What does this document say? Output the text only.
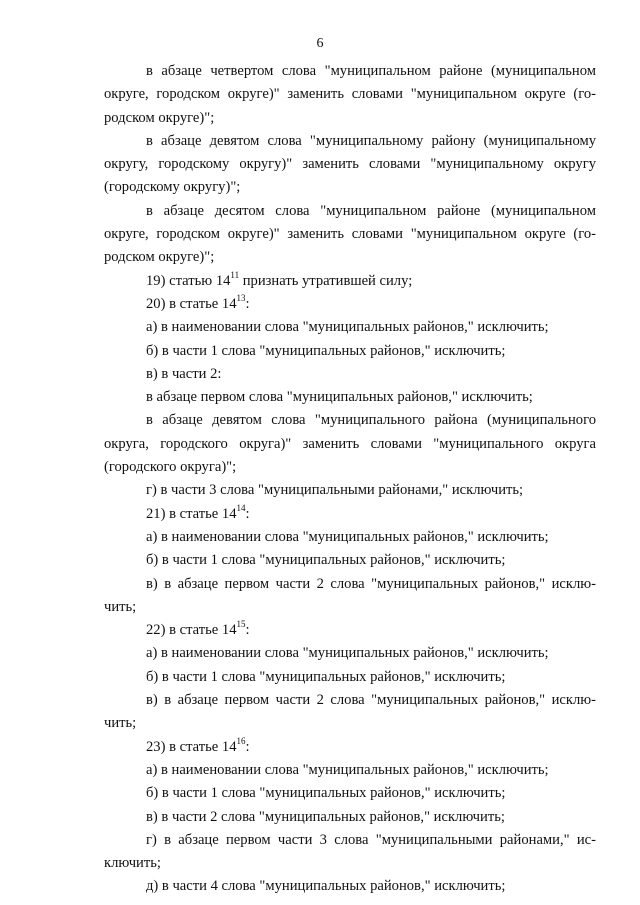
6
в абзаце четвертом слова "муниципальном районе (муниципальном
округе, городском округе)" заменить словами "муниципальном округе (го-
родском округе)";
в абзаце девятом слова "муниципальному району (муниципальному
округу, городскому округу)" заменить словами "муниципальному округу
(городскому округу)";
в абзаце десятом слова "муниципальном районе (муниципальном
округе, городском округе)" заменить словами "муниципальном округе (го-
родском округе)";
19) статью $14^{11}$ признать утратившей силу;
20) в статье $14^{13}$:
а) в наименовании слова "муниципальных районов," исключить;
б) в части 1 слова "муниципальных районов," исключить;
в) в части 2:
в абзаце первом слова "муниципальных районов," исключить;
в абзаце девятом слова "муниципального района (муниципального
округа, городского округа)" заменить словами "муниципального округа
(городского округа)";
г) в части 3 слова "муниципальными районами," исключить;
21) в статье $14^{14}$:
а) в наименовании слова "муниципальных районов," исключить;
б) в части 1 слова "муниципальных районов," исключить;
в) в абзаце первом части 2 слова "муниципальных районов," исклю-
чить;
22) в статье $14^{15}$:
а) в наименовании слова "муниципальных районов," исключить;
б) в части 1 слова "муниципальных районов," исключить;
в) в абзаце первом части 2 слова "муниципальных районов," исклю-
чить;
23) в статье $14^{16}$:
а) в наименовании слова "муниципальных районов," исключить;
б) в части 1 слова "муниципальных районов," исключить;
в) в части 2 слова "муниципальных районов," исключить;
г) в абзаце первом части 3 слова "муниципальными районами," ис-
ключить;
д) в части 4 слова "муниципальных районов," исключить;
